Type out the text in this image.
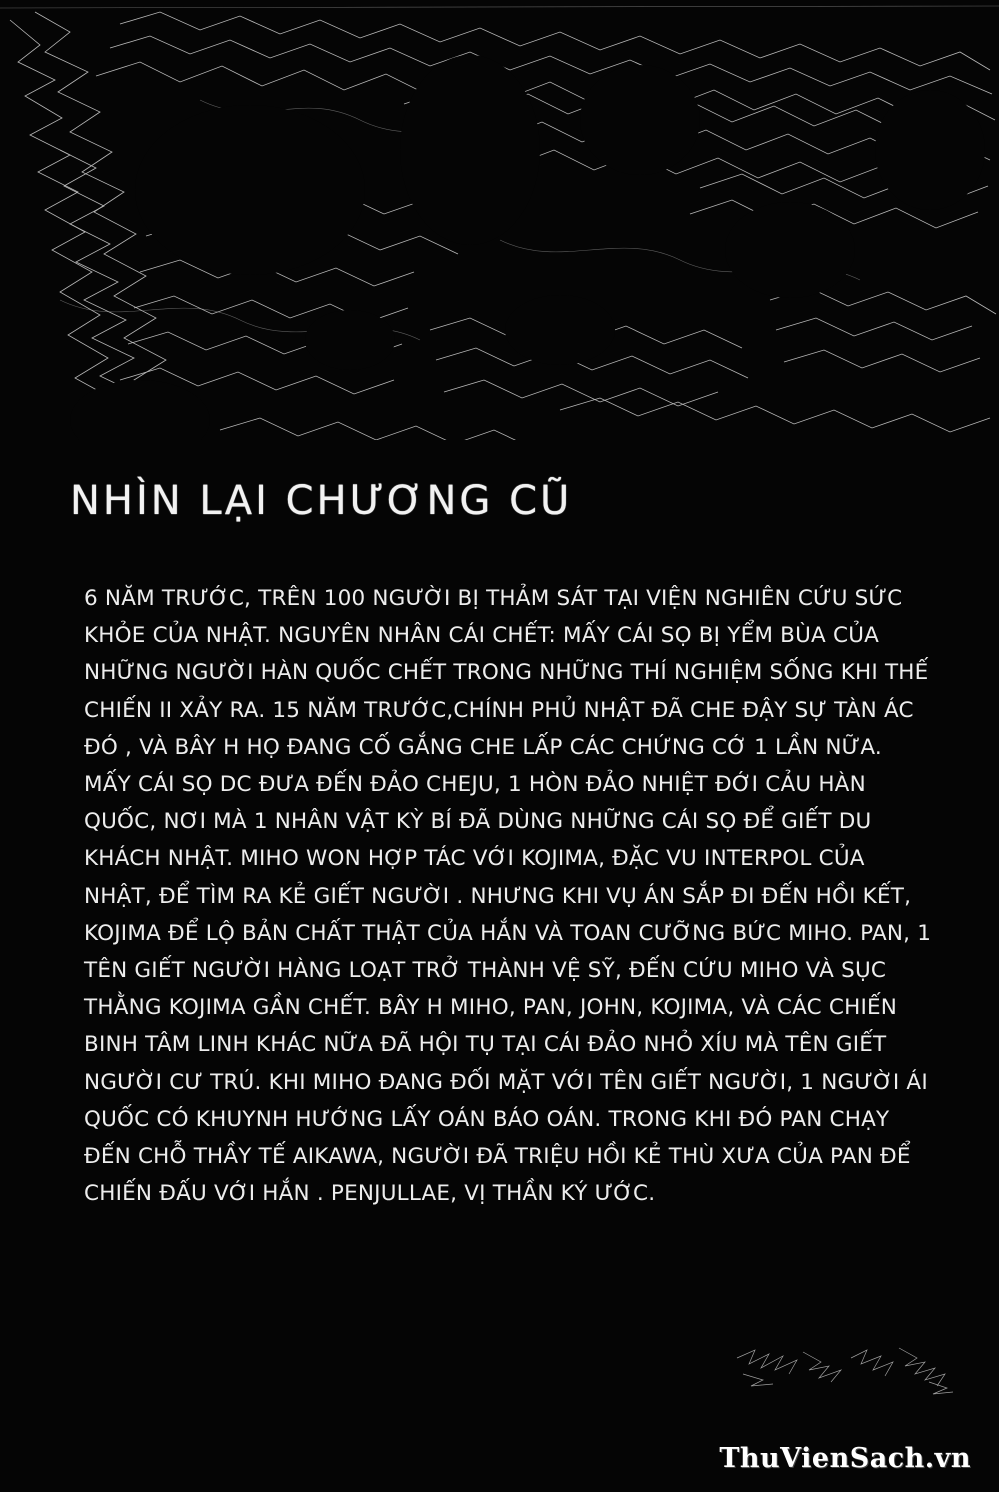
NHÌN LẠI CHƯƠNG CŨ
6 NĂM TRƯỚC, TRÊN 100 NGƯỜI BỊ THẢM SÁT TẠI VIỆN NGHIÊN CỨU SỨC KHỎE CỦA NHẬT. NGUYÊN NHÂN CÁI CHẾT: MẤY CÁI SỌ BỊ YỂM BÙA CỦA NHỮNG NGƯỜI HÀN QUỐC CHẾT TRONG NHỮNG THÍ NGHIỆM SỐNG KHI THẾ CHIẾN II XẢY RA. 15 NĂM TRƯỚC,CHÍNH PHỦ NHẬT ĐÃ CHE ĐẬY SỰ TÀN ÁC ĐÓ , VÀ BÂY H HỌ ĐANG CỐ GẮNG CHE LẤP CÁC CHỨNG CỚ 1 LẦN NỮA. MẤY CÁI SỌ DC ĐƯA ĐẾN ĐẢO CHEJU, 1 HÒN ĐẢO NHIỆT ĐỚI CẢU HÀN QUỐC, NƠI MÀ 1 NHÂN VẬT KỲ BÍ ĐÃ DÙNG NHỮNG CÁI SỌ ĐỂ GIẾT DU KHÁCH NHẬT. MIHO WON HỢP TÁC VỚI KOJIMA, ĐẶC VU INTERPOL CỦA NHẬT, ĐỂ TÌM RA KẺ GIẾT NGƯỜI . NHƯNG KHI VỤ ÁN SẮP ĐI ĐẾN HỒI KẾT, KOJIMA ĐỂ LỘ BẢN CHẤT THẬT CỦA HẮN VÀ TOAN CƯỠNG BỨC MIHO. PAN, 1 TÊN GIẾT NGƯỜI HÀNG LOẠT TRỞ THÀNH VỆ SỸ, ĐẾN CỨU MIHO VÀ SỤC THẰNG KOJIMA GẦN CHẾT. BÂY H MIHO, PAN, JOHN, KOJIMA, VÀ CÁC CHIẾN BINH TÂM LINH KHÁC NỮA ĐÃ HỘI TỤ TẠI CÁI ĐẢO NHỎ XÍU MÀ TÊN GIẾT NGƯỜI CƯ TRÚ. KHI MIHO ĐANG ĐỐI MẶT VỚI TÊN GIẾT NGƯỜI, 1 NGƯỜI ÁI QUỐC CÓ KHUYNH HƯỚNG LẤY OÁN BÁO OÁN. TRONG KHI ĐÓ PAN CHẠY ĐẾN CHỖ THẦY TẾ AIKAWA, NGƯỜI ĐÃ TRIỆU HỒI KẺ THÙ XƯA CỦA PAN ĐỂ CHIẾN ĐẤU VỚI HẮN . PENJULLAE, VỊ THẦN KÝ ƯỚC.
ThuVienSach.vn
